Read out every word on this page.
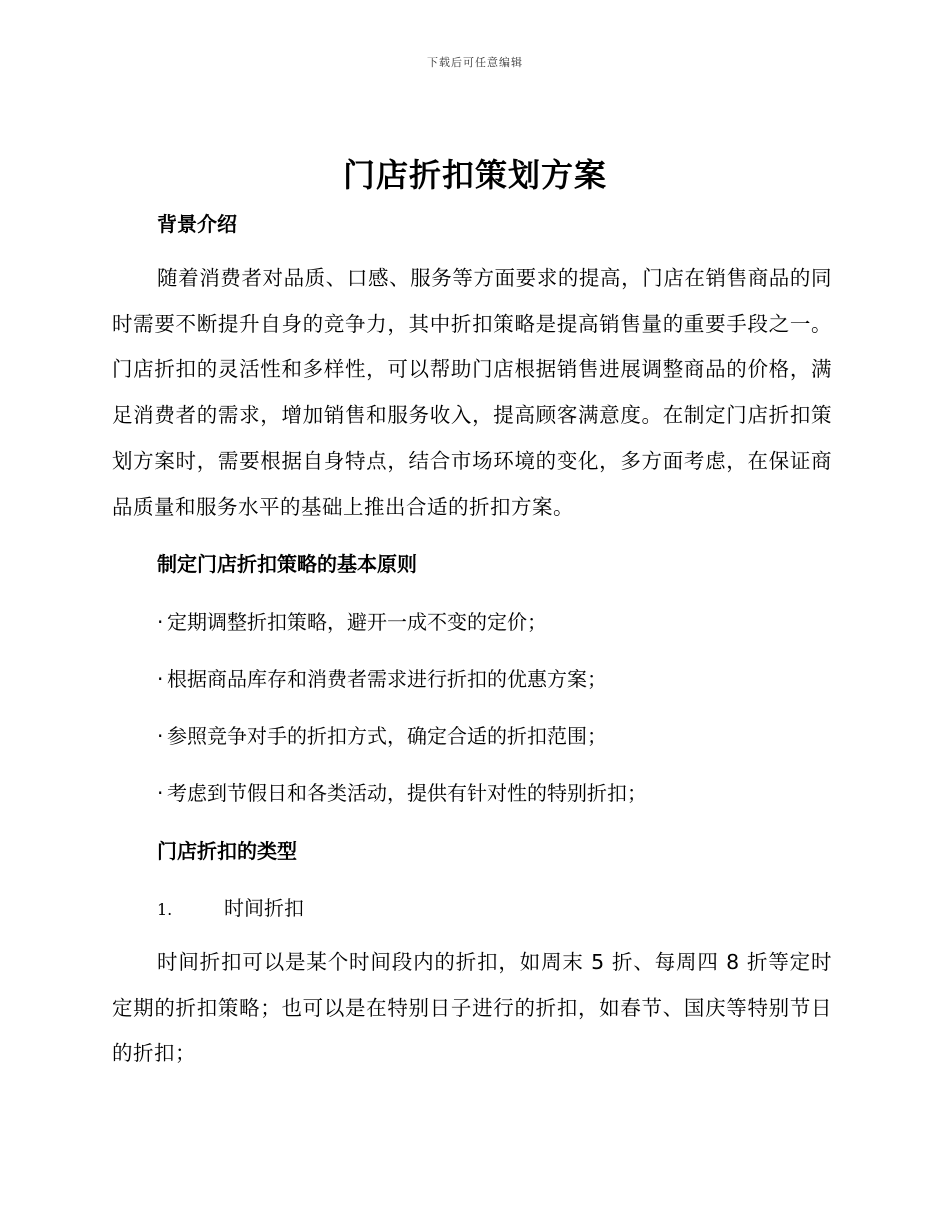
下载后可任意编辑
门店折扣策划方案
背景介绍

随着消费者对品质、口感、服务等方面要求的提高，门店在销售商品的同时需要不断提升自身的竞争力，其中折扣策略是提高销售量的重要手段之一。门店折扣的灵活性和多样性，可以帮助门店根据销售进展调整商品的价格，满足消费者的需求，增加销售和服务收入，提高顾客满意度。在制定门店折扣策划方案时，需要根据自身特点，结合市场环境的变化，多方面考虑，在保证商品质量和服务水平的基础上推出合适的折扣方案。

制定门店折扣策略的基本原则

· 定期调整折扣策略，避开一成不变的定价；

· 根据商品库存和消费者需求进行折扣的优惠方案；

· 参照竞争对手的折扣方式，确定合适的折扣范围；

· 考虑到节假日和各类活动，提供有针对性的特别折扣；

门店折扣的类型

1.	时间折扣

时间折扣可以是某个时间段内的折扣，如周末 5 折、每周四 8 折等定时定期的折扣策略；也可以是在特别日子进行的折扣，如春节、国庆等特别节日的折扣；
